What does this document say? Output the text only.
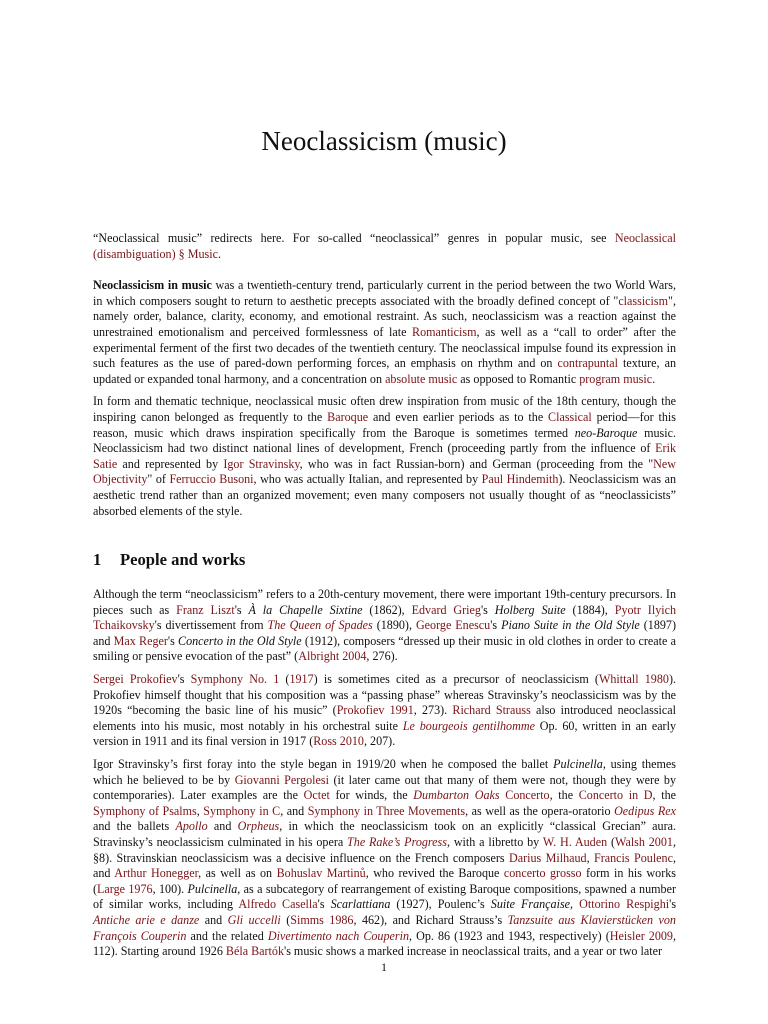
Neoclassicism (music)

“Neoclassical music” redirects here. For so-called “neoclassical” genres in popular music, see Neoclassical (disambiguation) § Music.

Neoclassicism in music was a twentieth-century trend, particularly current in the period between the two World Wars, in which composers sought to return to aesthetic precepts associated with the broadly defined concept of "classicism", namely order, balance, clarity, economy, and emotional restraint. As such, neoclassicism was a reaction against the unrestrained emotionalism and perceived formlessness of late Romanticism, as well as a “call to order” after the experimental ferment of the first two decades of the twentieth century. The neoclassical impulse found its expression in such features as the use of pared-down performing forces, an emphasis on rhythm and on contrapuntal texture, an updated or expanded tonal harmony, and a concentration on absolute music as opposed to Romantic program music.

In form and thematic technique, neoclassical music often drew inspiration from music of the 18th century, though the inspiring canon belonged as frequently to the Baroque and even earlier periods as to the Classical period—for this reason, music which draws inspiration specifically from the Baroque is sometimes termed neo-Baroque music. Neoclassicism had two distinct national lines of development, French (proceeding partly from the influence of Erik Satie and represented by Igor Stravinsky, who was in fact Russian-born) and German (proceeding from the "New Objectivity" of Ferruccio Busoni, who was actually Italian, and represented by Paul Hindemith). Neoclassicism was an aesthetic trend rather than an organized movement; even many composers not usually thought of as “neoclassicists” absorbed elements of the style.

1 People and works

Although the term “neoclassicism” refers to a 20th-century movement, there were important 19th-century precursors. In pieces such as Franz Liszt's À la Chapelle Sixtine (1862), Edvard Grieg's Holberg Suite (1884), Pyotr Ilyich Tchaikovsky's divertissement from The Queen of Spades (1890), George Enescu's Piano Suite in the Old Style (1897) and Max Reger's Concerto in the Old Style (1912), composers “dressed up their music in old clothes in order to create a smiling or pensive evocation of the past” (Albright 2004, 276).

Sergei Prokofiev's Symphony No. 1 (1917) is sometimes cited as a precursor of neoclassicism (Whittall 1980). Prokofiev himself thought that his composition was a “passing phase” whereas Stravinsky’s neoclassicism was by the 1920s “becoming the basic line of his music” (Prokofiev 1991, 273). Richard Strauss also introduced neoclassical elements into his music, most notably in his orchestral suite Le bourgeois gentilhomme Op. 60, written in an early version in 1911 and its final version in 1917 (Ross 2010, 207).

Igor Stravinsky’s first foray into the style began in 1919/20 when he composed the ballet Pulcinella, using themes which he believed to be by Giovanni Pergolesi (it later came out that many of them were not, though they were by contemporaries). Later examples are the Octet for winds, the Dumbarton Oaks Concerto, the Concerto in D, the Symphony of Psalms, Symphony in C, and Symphony in Three Movements, as well as the opera-oratorio Oedipus Rex and the ballets Apollo and Orpheus, in which the neoclassicism took on an explicitly “classical Grecian” aura. Stravinsky’s neoclassicism culminated in his opera The Rake’s Progress, with a libretto by W. H. Auden (Walsh 2001, §8). Stravinskian neoclassicism was a decisive influence on the French composers Darius Milhaud, Francis Poulenc, and Arthur Honegger, as well as on Bohuslav Martinů, who revived the Baroque concerto grosso form in his works (Large 1976, 100). Pulcinella, as a subcategory of rearrangement of existing Baroque compositions, spawned a number of similar works, including Alfredo Casella's Scarlattiana (1927), Poulenc’s Suite Française, Ottorino Respighi's Antiche arie e danze and Gli uccelli (Simms 1986, 462), and Richard Strauss’s Tanzsuite aus Klavierstücken von François Couperin and the related Divertimento nach Couperin, Op. 86 (1923 and 1943, respectively) (Heisler 2009, 112). Starting around 1926 Béla Bartók's music shows a marked increase in neoclassical traits, and a year or two later

1
